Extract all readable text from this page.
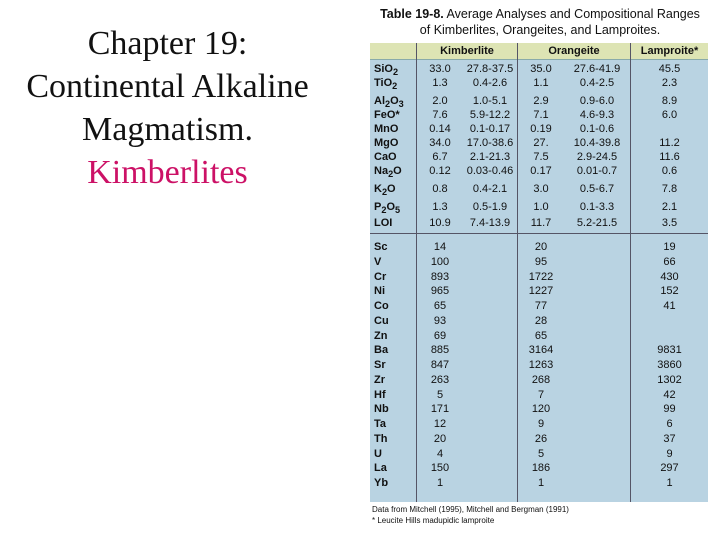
Chapter 19:
Continental Alkaline
Magmatism.
Kimberlites
Table 19-8. Average Analyses and Compositional Ranges
of Kimberlites, Orangeites, and Lamproites.
Kimberlite	Orangeite	Lamproite*
SiO$_2$	33.0	27.8-37.5	35.0	27.6-41.9	45.5
TiO$_2$	1.3	0.4-2.6	1.1	0.4-2.5	2.3
$Al_2O_3$	2.0	1.0-5.1	2.9	0.9-6.0	8.9
FeO*	7.6	5.9-12.2	7.1	4.6-9.3	6.0
MnO	0.14	0.1-0.17	0.19	0.1-0.6
MgO	34.0	17.0-38.6	27.	10.4-39.8	11.2
CaO	6.7	2.1-21.3	7.5	2.9-24.5	11.6
$Na_2O$	0.12	0.03-0.46	0.17	0.01-0.7	0.6
$K_2O$	0.8	0.4-2.1	3.0	0.5-6.7	7.8
$P_2O_5$	1.3	0.5-1.9	1.0	0.1-3.3	2.1
LOI	10.9	7.4-13.9	11.7	5.2-21.5	3.5
Sc	14	20	19
V	100	95	66
Cr	893	1722	430
Ni	965	1227	152
Co	65	77	41
Cu	93	28
Zn	69	65
Ba	885	3164	9831
Sr	847	1263	3860
Zr	263	268	1302
Hf	5	7	42
Nb	171	120	99
Ta	12	9	6
Th	20	26	37
U	4	5	9
La	150	186	297
Yb	1	1	1
Data from Mitchell (1995), Mitchell and Bergman (1991)
* Leucite Hills madupidic lamproite
